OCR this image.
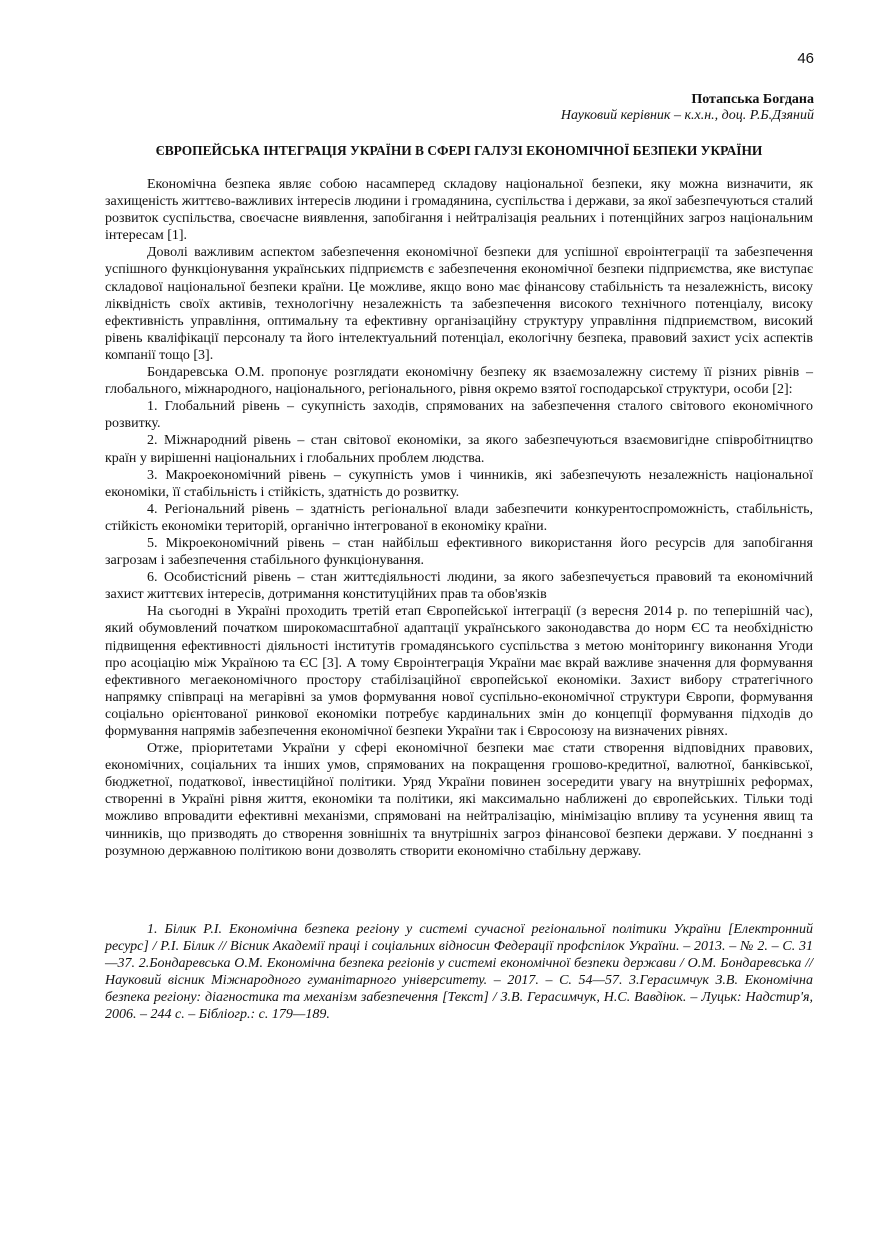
46
Потапська Богдана
Науковий керівник – к.х.н., доц. Р.Б.Дзяний
ЄВРОПЕЙСЬКА ІНТЕГРАЦІЯ УКРАЇНИ В СФЕРІ ГАЛУЗІ ЕКОНОМІЧНОЇ БЕЗПЕКИ УКРАЇНИ

Економічна безпека являє собою насамперед складову національної безпеки, яку можна визначити, як захищеність життєво-важливих інтересів людини і громадянина, суспільства і держави, за якої забезпечуються сталий розвиток суспільства, своєчасне виявлення, запобігання і нейтралізація реальних і потенційних загроз національним інтересам [1].

Доволі важливим аспектом забезпечення економічної безпеки для успішної євроінтеграції та забезпечення успішного функціонування українських підприємств є забезпечення економічної безпеки підприємства, яке виступає складової національної безпеки країни. Це можливе, якщо воно має фінансову стабільність та незалежність, високу ліквідність своїх активів, технологічну незалежність та забезпечення високого технічного потенціалу, високу ефективність управління, оптимальну та ефективну організаційну структуру управління підприємством, високий рівень кваліфікації персоналу та його інтелектуальний потенціал, екологічну безпека, правовий захист усіх аспектів компанії тощо [3].

Бондаревська О.М. пропонує розглядати економічну безпеку як взаємозалежну систему її різних рівнів – глобального, міжнародного, національного, регіонального, рівня окремо взятої господарської структури, особи [2]:

1. Глобальний рівень – сукупність заходів, спрямованих на забезпечення сталого світового економічного розвитку.

2. Міжнародний рівень – стан світової економіки, за якого забезпечуються взаємовигідне співробітництво країн у вирішенні національних і глобальних проблем людства.

3. Макроекономічний рівень – сукупність умов і чинників, які забезпечують незалежність національної економіки, її стабільність і стійкість, здатність до розвитку.

4. Регіональний рівень – здатність регіональної влади забезпечити конкурентоспроможність, стабільність, стійкість економіки територій, органічно інтегрованої в економіку країни.

5. Мікроекономічний рівень – стан найбільш ефективного використання його ресурсів для запобігання загрозам і забезпечення стабільного функціонування.

6. Особистісний рівень – стан життєдіяльності людини, за якого забезпечується правовий та економічний захист життєвих інтересів, дотримання конституційних прав та обов'язків

На сьогодні в Україні проходить третій етап Європейської інтеграції (з вересня 2014 р. по теперішній час), який обумовлений початком широкомасштабної адаптації українського законодавства до норм ЄС та необхідністю підвищення ефективності діяльності інститутів громадянського суспільства з метою моніторингу виконання Угоди про асоціацію між Україною та ЄС [3]. А тому Євроінтеграція України має вкрай важливе значення для формування ефективного мегаекономічного простору стабілізаційної європейської економіки. Захист вибору стратегічного напрямку співпраці на мегарівні за умов формування нової суспільно-економічної структури Європи, формування соціально орієнтованої ринкової економіки потребує кардинальних змін до концепції формування підходів до формування напрямів забезпечення економічної безпеки України так і Євросоюзу на визначених рівнях.

Отже, пріоритетами України у сфері економічної безпеки має стати створення відповідних правових, економічних, соціальних та інших умов, спрямованих на покращення грошово-кредитної, валютної, банківської, бюджетної, податкової, інвестиційної політики. Уряд України повинен зосередити увагу на внутрішніх реформах, створенні в Україні рівня життя, економіки та політики, які максимально наближені до європейських. Тільки тоді можливо впровадити ефективні механізми, спрямовані на нейтралізацію, мінімізацію впливу та усунення явищ та чинників, що призводять до створення зовнішніх та внутрішніх загроз фінансової безпеки держави. У поєднанні з розумною державною політикою вони дозволять створити економічно стабільну державу.

1. Білик Р.І. Економічна безпека регіону у системі сучасної регіональної політики України [Електронний ресурс] / Р.І. Білик // Вісник Академії праці і соціальних відносин Федерації профспілок України. – 2013. – № 2. – С. 31—37. 2.Бондаревська О.М. Економічна безпека регіонів у системі економічної безпеки держави / О.М. Бондаревська // Науковий вісник Міжнародного гуманітарного університету. – 2017. – С. 54—57. 3.Герасимчук З.В. Економічна безпека регіону: діагностика та механізм забезпечення [Текст] / З.В. Герасимчук, Н.С. Вавдіюк. – Луцьк: Надстир'я, 2006. – 244 с. – Бібліогр.: с. 179—189.
